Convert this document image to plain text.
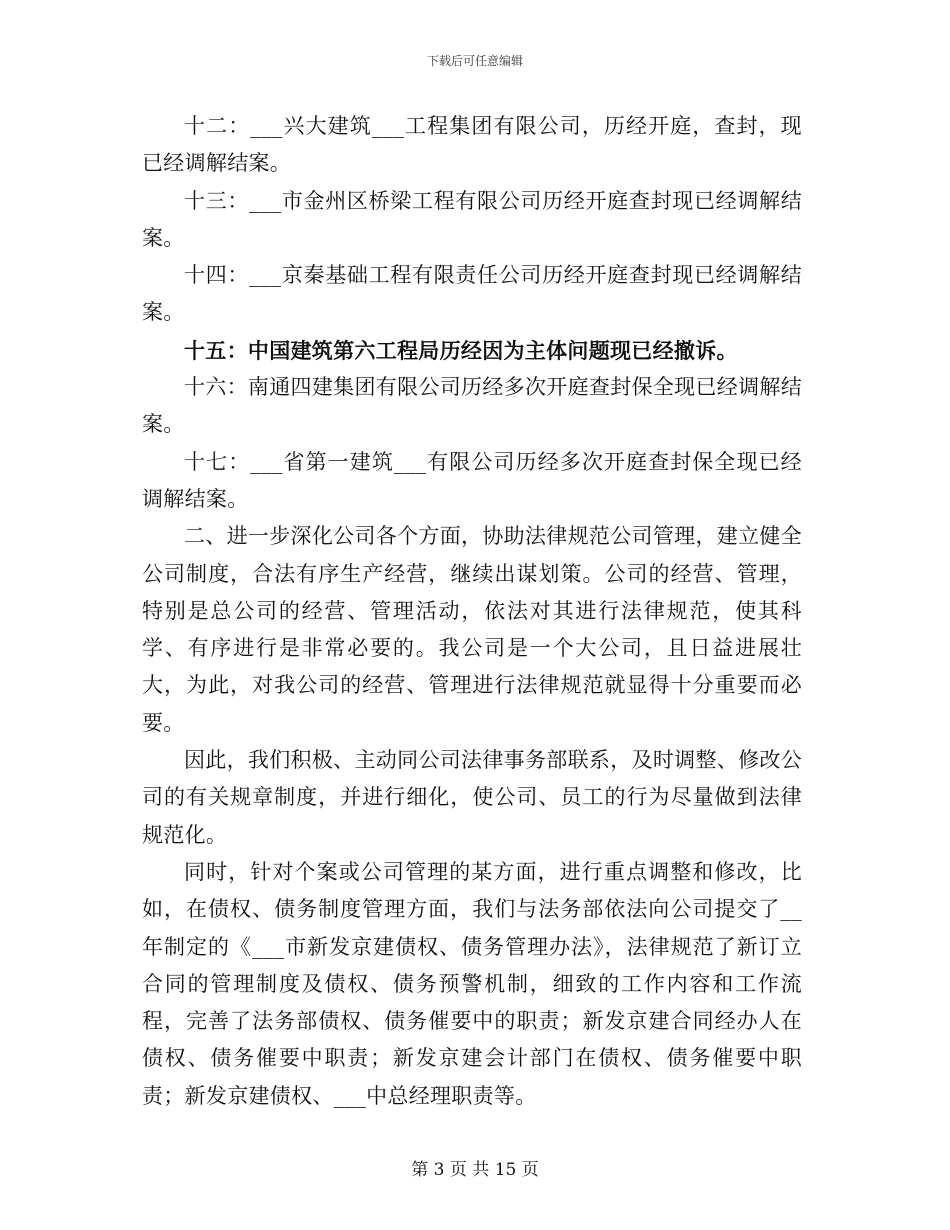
下载后可任意编辑

十二：___兴大建筑___工程集团有限公司，历经开庭，查封，现已经调解结案。

十三：___市金州区桥梁工程有限公司历经开庭查封现已经调解结案。

十四：___京秦基础工程有限责任公司历经开庭查封现已经调解结案。

十五：中国建筑第六工程局历经因为主体问题现已经撤诉。

十六：南通四建集团有限公司历经多次开庭查封保全现已经调解结案。

十七：___省第一建筑___有限公司历经多次开庭查封保全现已经调解结案。

二、进一步深化公司各个方面，协助法律规范公司管理，建立健全公司制度，合法有序生产经营，继续出谋划策。公司的经营、管理，特别是总公司的经营、管理活动，依法对其进行法律规范，使其科学、有序进行是非常必要的。我公司是一个大公司，且日益进展壮大，为此，对我公司的经营、管理进行法律规范就显得十分重要而必要。

因此，我们积极、主动同公司法律事务部联系，及时调整、修改公司的有关规章制度，并进行细化，使公司、员工的行为尽量做到法律规范化。

同时，针对个案或公司管理的某方面，进行重点调整和修改，比如，在债权、债务制度管理方面，我们与法务部依法向公司提交了__年制定的《___市新发京建债权、债务管理办法》，法律规范了新订立合同的管理制度及债权、债务预警机制，细致的工作内容和工作流程，完善了法务部债权、债务催要中的职责；新发京建合同经办人在债权、债务催要中职责；新发京建会计部门在债权、债务催要中职责；新发京建债权、___中总经理职责等。

第 3 页 共 15 页
